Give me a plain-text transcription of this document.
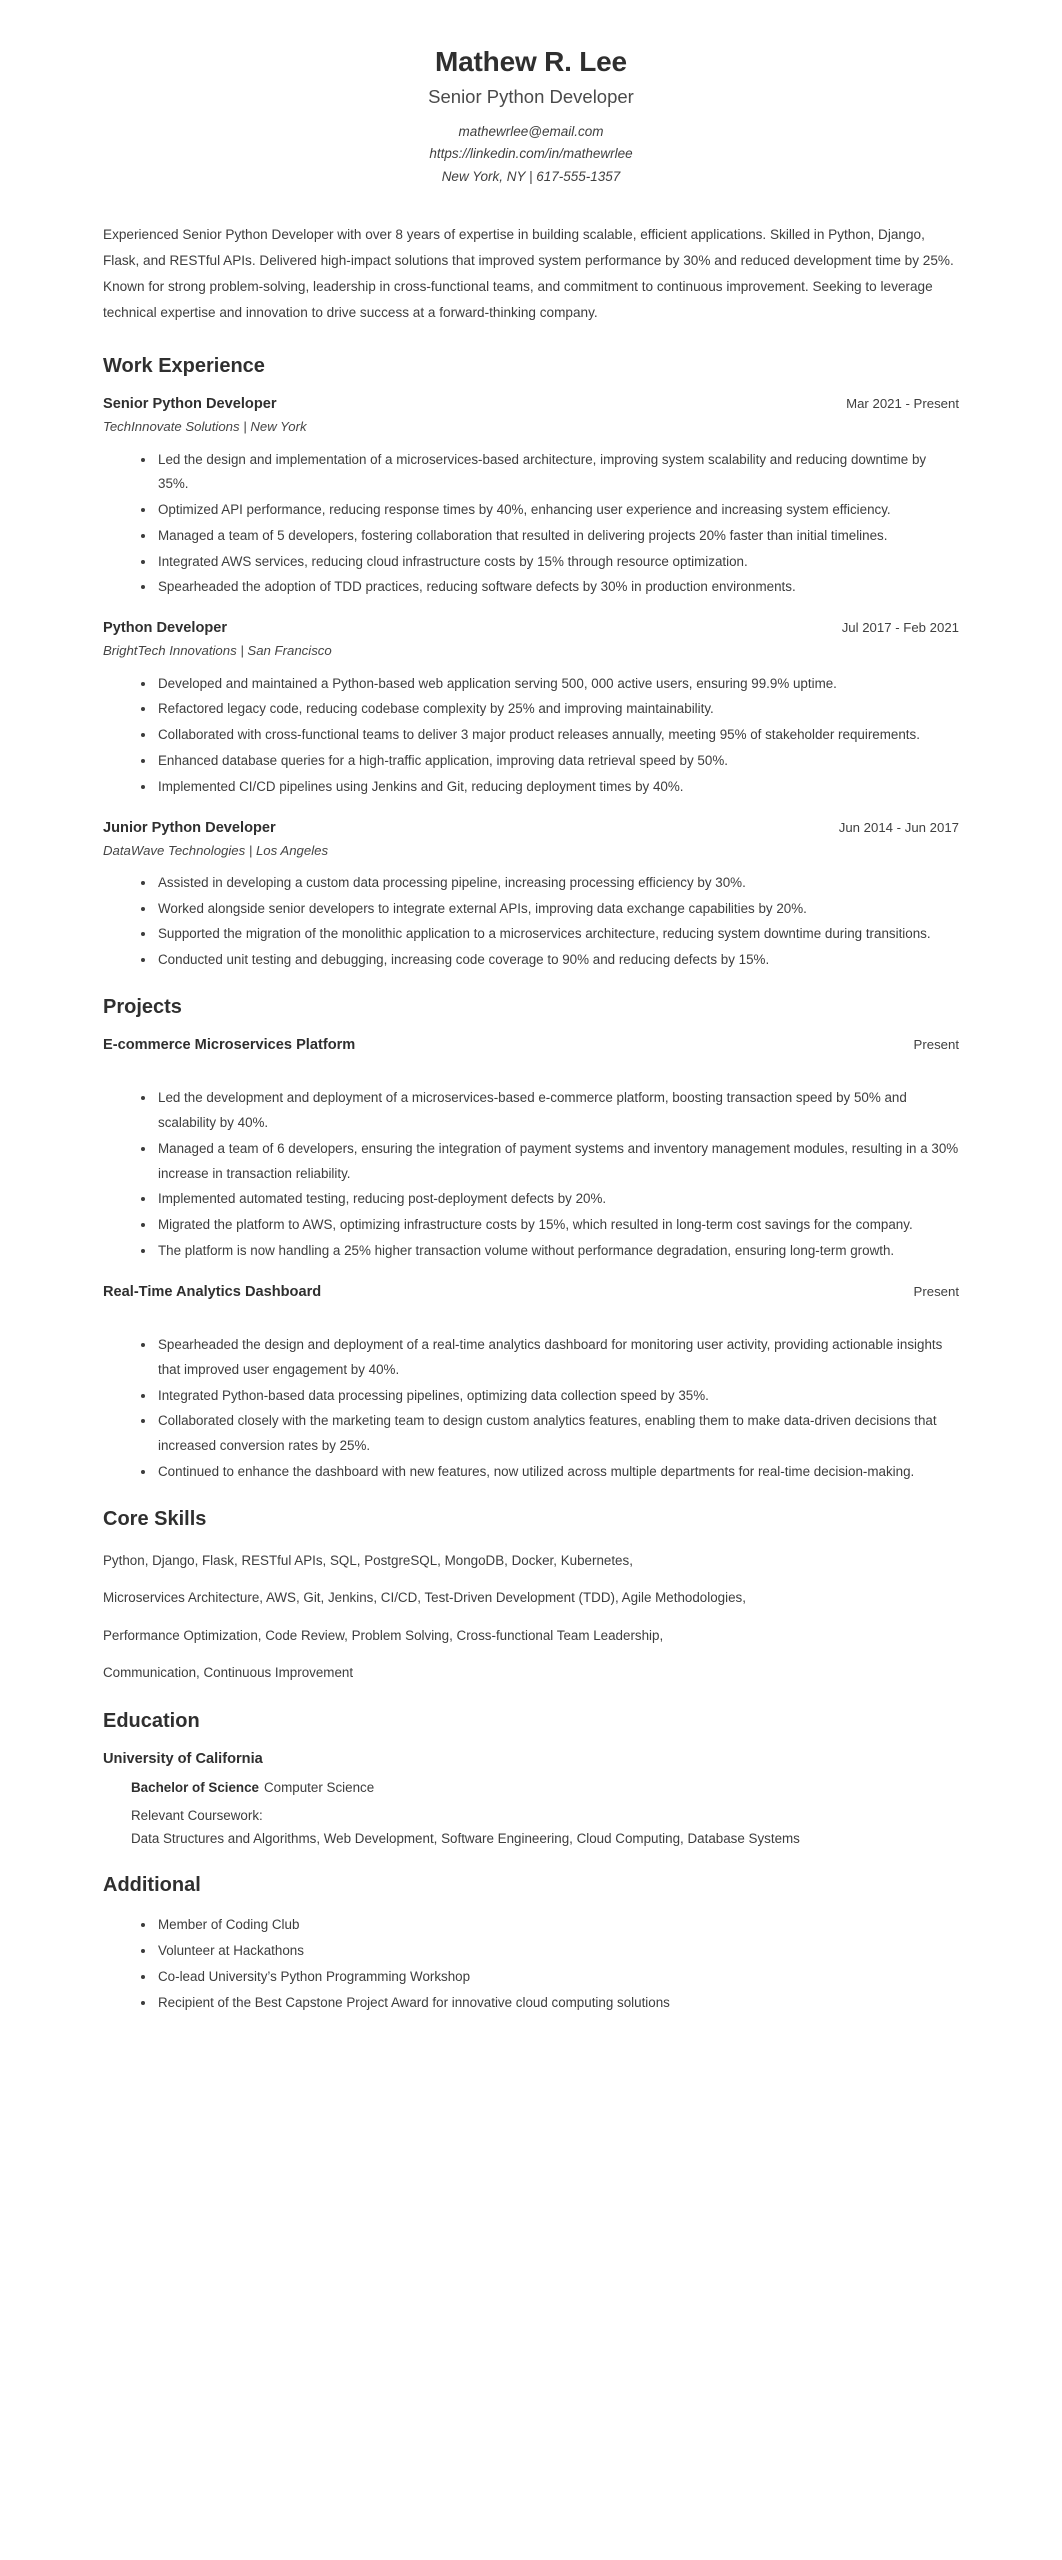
Mathew R. Lee
Senior Python Developer
mathewrlee@email.com
https://linkedin.com/in/mathewrlee
New York, NY | 617-555-1357

Experienced Senior Python Developer with over 8 years of expertise in building scalable, efficient applications. Skilled in Python, Django, Flask, and RESTful APIs. Delivered high-impact solutions that improved system performance by 30% and reduced development time by 25%. Known for strong problem-solving, leadership in cross-functional teams, and commitment to continuous improvement. Seeking to leverage technical expertise and innovation to drive success at a forward-thinking company.

Work Experience
Senior Python Developer	Mar 2021 - Present
TechInnovate Solutions | New York
Led the design and implementation of a microservices-based architecture, improving system scalability and reducing downtime by 35%.
Optimized API performance, reducing response times by 40%, enhancing user experience and increasing system efficiency.
Managed a team of 5 developers, fostering collaboration that resulted in delivering projects 20% faster than initial timelines.
Integrated AWS services, reducing cloud infrastructure costs by 15% through resource optimization.
Spearheaded the adoption of TDD practices, reducing software defects by 30% in production environments.
Python Developer	Jul 2017 - Feb 2021
BrightTech Innovations | San Francisco
Developed and maintained a Python-based web application serving 500, 000 active users, ensuring 99.9% uptime.
Refactored legacy code, reducing codebase complexity by 25% and improving maintainability.
Collaborated with cross-functional teams to deliver 3 major product releases annually, meeting 95% of stakeholder requirements.
Enhanced database queries for a high-traffic application, improving data retrieval speed by 50%.
Implemented CI/CD pipelines using Jenkins and Git, reducing deployment times by 40%.
Junior Python Developer	Jun 2014 - Jun 2017
DataWave Technologies | Los Angeles
Assisted in developing a custom data processing pipeline, increasing processing efficiency by 30%.
Worked alongside senior developers to integrate external APIs, improving data exchange capabilities by 20%.
Supported the migration of the monolithic application to a microservices architecture, reducing system downtime during transitions.
Conducted unit testing and debugging, increasing code coverage to 90% and reducing defects by 15%.
Projects
E-commerce Microservices Platform	Present
Led the development and deployment of a microservices-based e-commerce platform, boosting transaction speed by 50% and scalability by 40%.
Managed a team of 6 developers, ensuring the integration of payment systems and inventory management modules, resulting in a 30% increase in transaction reliability.
Implemented automated testing, reducing post-deployment defects by 20%.
Migrated the platform to AWS, optimizing infrastructure costs by 15%, which resulted in long-term cost savings for the company.
The platform is now handling a 25% higher transaction volume without performance degradation, ensuring long-term growth.
Real-Time Analytics Dashboard	Present
Spearheaded the design and deployment of a real-time analytics dashboard for monitoring user activity, providing actionable insights that improved user engagement by 40%.
Integrated Python-based data processing pipelines, optimizing data collection speed by 35%.
Collaborated closely with the marketing team to design custom analytics features, enabling them to make data-driven decisions that increased conversion rates by 25%.
Continued to enhance the dashboard with new features, now utilized across multiple departments for real-time decision-making.
Core Skills
Python, Django, Flask, RESTful APIs, SQL, PostgreSQL, MongoDB, Docker, Kubernetes,
Microservices Architecture, AWS, Git, Jenkins, CI/CD, Test-Driven Development (TDD), Agile Methodologies,
Performance Optimization, Code Review, Problem Solving, Cross-functional Team Leadership,
Communication, Continuous Improvement
Education
University of California
Bachelor of Science Computer Science
Relevant Coursework:
Data Structures and Algorithms, Web Development, Software Engineering, Cloud Computing, Database Systems
Additional
Member of Coding Club
Volunteer at Hackathons
Co-lead University’s Python Programming Workshop
Recipient of the Best Capstone Project Award for innovative cloud computing solutions
